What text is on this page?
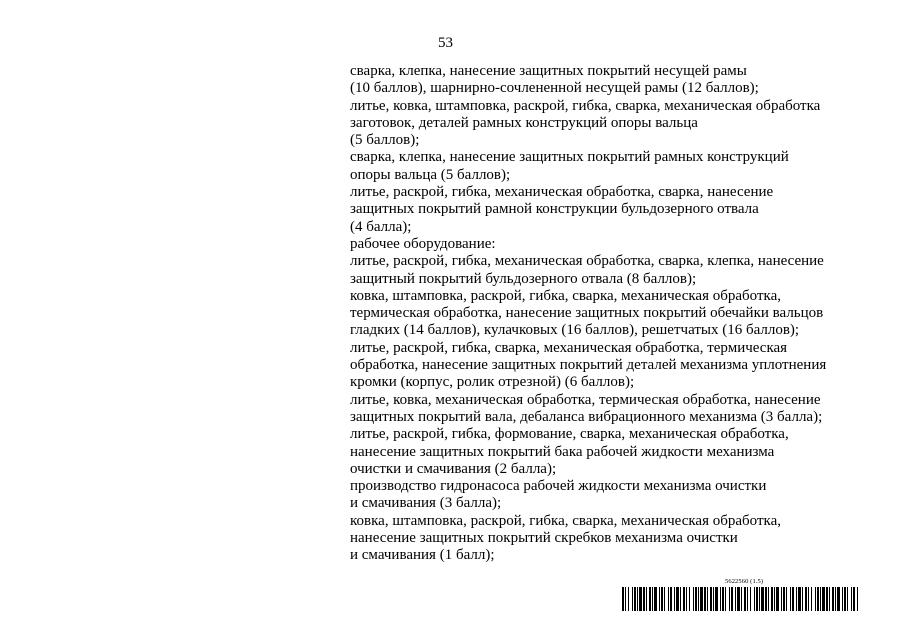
53
сварка, клепка, нанесение защитных покрытий несущей рамы
(10 баллов), шарнирно-сочлененной несущей рамы (12 баллов);
литье, ковка, штамповка, раскрой, гибка, сварка, механическая обработка
заготовок, деталей рамных конструкций опоры вальца
(5 баллов);
сварка, клепка, нанесение защитных покрытий рамных конструкций
опоры вальца (5 баллов);
литье, раскрой, гибка, механическая обработка, сварка, нанесение
защитных покрытий рамной конструкции бульдозерного отвала
(4 балла);
рабочее оборудование:
литье, раскрой, гибка, механическая обработка, сварка, клепка, нанесение
защитный покрытий бульдозерного отвала (8 баллов);
ковка, штамповка, раскрой, гибка, сварка, механическая обработка,
термическая обработка, нанесение защитных покрытий обечайки вальцов
гладких (14 баллов), кулачковых (16 баллов), решетчатых (16 баллов);
литье, раскрой, гибка, сварка, механическая обработка, термическая
обработка, нанесение защитных покрытий деталей механизма уплотнения
кромки (корпус, ролик отрезной) (6 баллов);
литье, ковка, механическая обработка, термическая обработка, нанесение
защитных покрытий вала, дебаланса вибрационного механизма (3 балла);
литье, раскрой, гибка, формование, сварка, механическая обработка,
нанесение защитных покрытий бака рабочей жидкости механизма
очистки и смачивания (2 балла);
производство гидронасоса рабочей жидкости механизма очистки
и смачивания (3 балла);
ковка, штамповка, раскрой, гибка, сварка, механическая обработка,
нанесение защитных покрытий скребков механизма очистки
и смачивания (1 балл);
5622560 (1.5)
